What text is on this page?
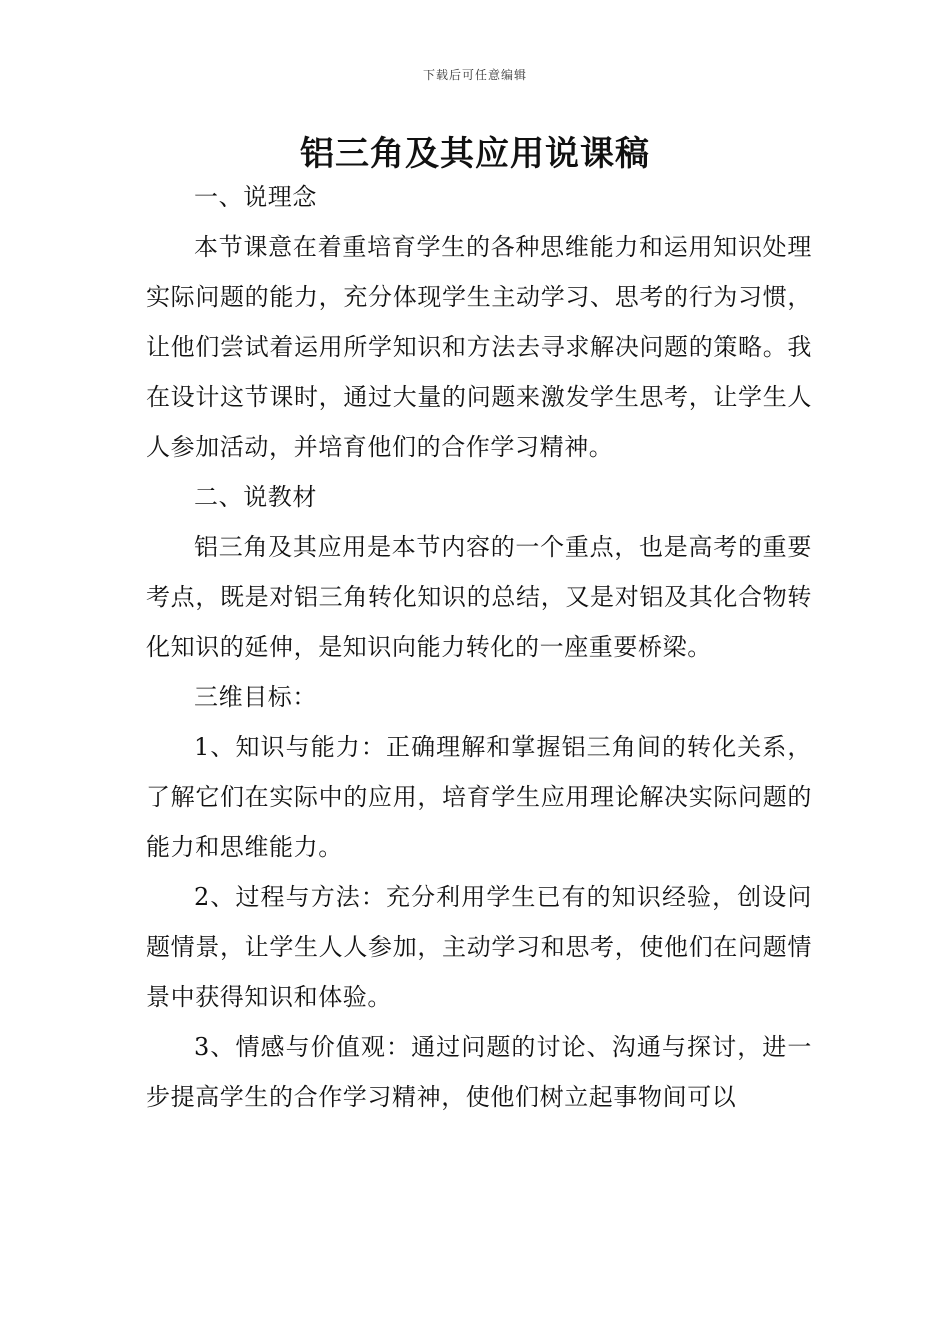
下载后可任意编辑
铝三角及其应用说课稿

一、说理念

本节课意在着重培育学生的各种思维能力和运用知识处理实际问题的能力，充分体现学生主动学习、思考的行为习惯，让他们尝试着运用所学知识和方法去寻求解决问题的策略。我在设计这节课时，通过大量的问题来激发学生思考，让学生人人参加活动，并培育他们的合作学习精神。

二、说教材

铝三角及其应用是本节内容的一个重点，也是高考的重要考点，既是对铝三角转化知识的总结，又是对铝及其化合物转化知识的延伸，是知识向能力转化的一座重要桥梁。

三维目标：

1、知识与能力：正确理解和掌握铝三角间的转化关系，了解它们在实际中的应用，培育学生应用理论解决实际问题的能力和思维能力。

2、过程与方法：充分利用学生已有的知识经验，创设问题情景，让学生人人参加，主动学习和思考，使他们在问题情景中获得知识和体验。

3、情感与价值观：通过问题的讨论、沟通与探讨，进一步提高学生的合作学习精神，使他们树立起事物间可以
